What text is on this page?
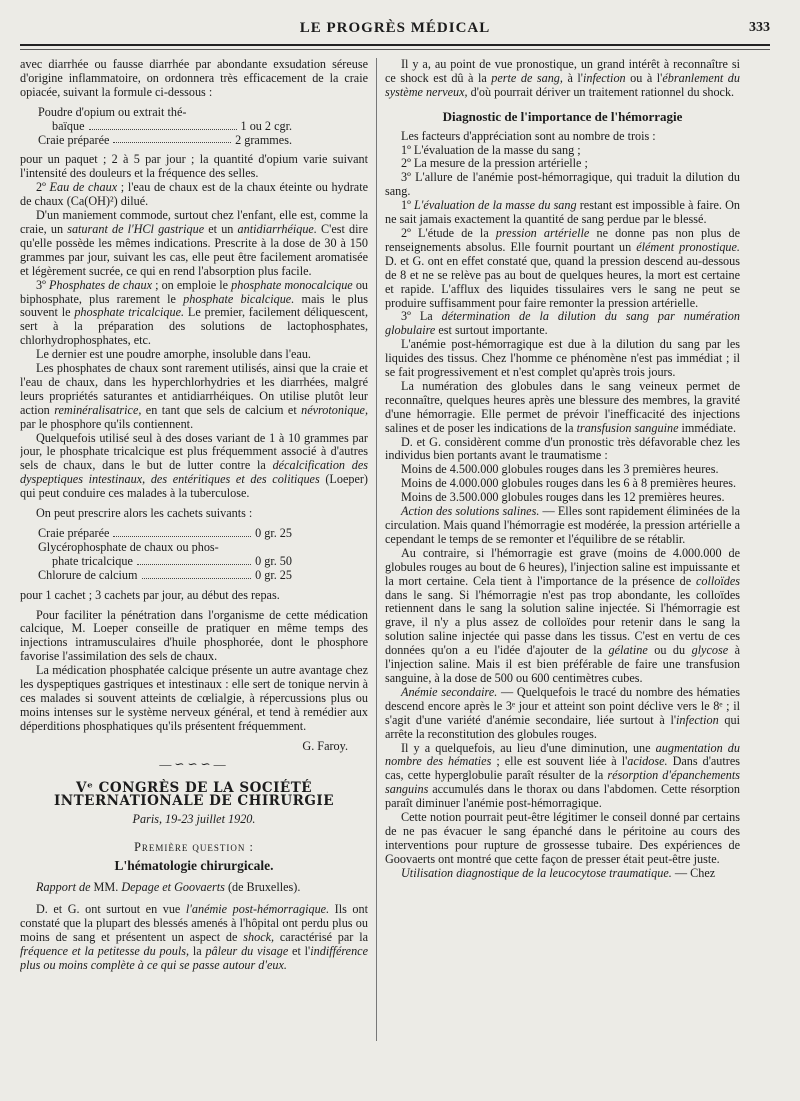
LE PROGRÈS MÉDICAL	333

avec diarrhée ou fausse diarrhée par abondante exsudation séreuse d'origine inflammatoire, on ordonnera très efficacement de la craie opiacée, suivant la formule ci-dessous :

Poudre d'opium ou extrait thé-
baïque	1 ou 2 cgr.
Craie préparée	2 grammes.

pour un paquet ; 2 à 5 par jour ; la quantité d'opium varie suivant l'intensité des douleurs et la fréquence des selles.

2º Eau de chaux ; l'eau de chaux est de la chaux éteinte ou hydrate de chaux (Ca(OH)²) dilué.

D'un maniement commode, surtout chez l'enfant, elle est, comme la craie, un saturant de l'HCl gastrique et un antidiarrhéique. C'est dire qu'elle possède les mêmes indications. Prescrite à la dose de 30 à 150 grammes par jour, suivant les cas, elle peut être facilement aromatisée et légèrement sucrée, ce qui en rend l'absorption plus facile.

3º Phosphates de chaux ; on emploie le phosphate monocalcique ou biphosphate, plus rarement le phosphate bicalcique. mais le plus souvent le phosphate tricalcique. Le premier, facilement déliquescent, sert à la préparation des solutions de lactophosphates, chlorhydrophosphates, etc.

Le dernier est une poudre amorphe, insoluble dans l'eau.

Les phosphates de chaux sont rarement utilisés, ainsi que la craie et l'eau de chaux, dans les hyperchlorhydries et les diarrhées, malgré leurs propriétés saturantes et antidiarrhéiques. On utilise plutôt leur action reminéralisatrice, en tant que sels de calcium et névrotonique, par le phosphore qu'ils contiennent.

Quelquefois utilisé seul à des doses variant de 1 à 10 grammes par jour, le phosphate tricalcique est plus fréquemment associé à d'autres sels de chaux, dans le but de lutter contre la décalcification des dyspeptiques intestinaux, des entéritiques et des colitiques (Loeper) qui peut conduire ces malades à la tuberculose.

On peut prescrire alors les cachets suivants :

Craie préparée	0 gr. 25
Glycérophosphate de chaux ou phos-
phate tricalcique	0 gr. 50
Chlorure de calcium	0 gr. 25

pour 1 cachet ; 3 cachets par jour, au début des repas.

Pour faciliter la pénétration dans l'organisme de cette médication calcique, M. Loeper conseille de pratiquer en même temps des injections intramusculaires d'huile phosphorée, dont le phosphore favorise l'assimilation des sels de chaux.

La médication phosphatée calcique présente un autre avantage chez les dyspeptiques gastriques et intestinaux : elle sert de tonique nervin à ces malades si souvent atteints de cœlialgie, à répercussions plus ou moins intenses sur le système nerveux général, et tend à remédier aux déperditions phosphatiques qu'ils présentent fréquemment.

G. Faroy.

—∽∽∽—

Vᵉ CONGRÈS DE LA SOCIÉTÉ INTERNATIONALE DE CHIRURGIE

Paris, 19-23 juillet 1920.

Première question :

L'hématologie chirurgicale.

Rapport de MM. Depage et Goovaerts (de Bruxelles).

D. et G. ont surtout en vue l'anémie post-hémorragique. Ils ont constaté que la plupart des blessés amenés à l'hôpital ont perdu plus ou moins de sang et présentent un aspect de shock, caractérisé par la fréquence et la petitesse du pouls, la pâleur du visage et l'indifférence plus ou moins complète à ce qui se passe autour d'eux.

Il y a, au point de vue pronostique, un grand intérêt à reconnaître si ce shock est dû à la perte de sang, à l'infection ou à l'ébranlement du système nerveux, d'où pourrait dériver un traitement rationnel du shock.

Diagnostic de l'importance de l'hémorragie

Les facteurs d'appréciation sont au nombre de trois :

1º L'évaluation de la masse du sang ;

2º La mesure de la pression artérielle ;

3º L'allure de l'anémie post-hémorragique, qui traduit la dilution du sang.

1º L'évaluation de la masse du sang restant est impossible à faire. On ne sait jamais exactement la quantité de sang perdue par le blessé.

2º L'étude de la pression artérielle ne donne pas non plus de renseignements absolus. Elle fournit pourtant un élément pronostique. D. et G. ont en effet constaté que, quand la pression descend au-dessous de 8 et ne se relève pas au bout de quelques heures, la mort est certaine et rapide. L'afflux des liquides tissulaires vers le sang ne peut se produire suffisamment pour faire remonter la pression artérielle.

3º La détermination de la dilution du sang par numération globulaire est surtout importante.

L'anémie post-hémorragique est due à la dilution du sang par les liquides des tissus. Chez l'homme ce phénomène n'est pas immédiat ; il se fait progressivement et n'est complet qu'après trois jours.

La numération des globules dans le sang veineux permet de reconnaître, quelques heures après une blessure des membres, la gravité d'une hémorragie. Elle permet de prévoir l'inefficacité des injections salines et de poser les indications de la transfusion sanguine immédiate.

D. et G. considèrent comme d'un pronostic très défavorable chez les individus bien portants avant le traumatisme :

Moins de 4.500.000 globules rouges dans les 3 premières heures.

Moins de 4.000.000 globules rouges dans les 6 à 8 premières heures.

Moins de 3.500.000 globules rouges dans les 12 premières heures.

Action des solutions salines. — Elles sont rapidement éliminées de la circulation. Mais quand l'hémorragie est modérée, la pression artérielle a cependant le temps de se remonter et l'équilibre de se rétablir.

Au contraire, si l'hémorragie est grave (moins de 4.000.000 de globules rouges au bout de 6 heures), l'injection saline est impuissante et la mort certaine. Cela tient à l'importance de la présence de colloïdes dans le sang. Si l'hémorragie n'est pas trop abondante, les colloïdes retiennent dans le sang la solution saline injectée. Si l'hémorragie est grave, il n'y a plus assez de colloïdes pour retenir dans le sang la solution saline injectée qui passe dans les tissus. C'est en vertu de ces données qu'on a eu l'idée d'ajouter de la gélatine ou du glycose à l'injection saline. Mais il est bien préférable de faire une transfusion sanguine, à la dose de 500 ou 600 centimètres cubes.

Anémie secondaire. — Quelquefois le tracé du nombre des hématies descend encore après le 3ᵉ jour et atteint son point déclive vers le 8ᵉ ; il s'agit d'une variété d'anémie secondaire, liée surtout à l'infection qui arrête la reconstitution des globules rouges.

Il y a quelquefois, au lieu d'une diminution, une augmentation du nombre des hématies ; elle est souvent liée à l'acidose. Dans d'autres cas, cette hyperglobulie paraît résulter de la résorption d'épanchements sanguins accumulés dans le thorax ou dans l'abdomen. Cette résorption paraît diminuer l'anémie post-hémorragique.

Cette notion pourrait peut-être légitimer le conseil donné par certains de ne pas évacuer le sang épanché dans le péritoine au cours des interventions pour rupture de grossesse tubaire. Des expériences de Goovaerts ont montré que cette façon de presser était peut-être juste.

Utilisation diagnostique de la leucocytose traumatique. — Chez
